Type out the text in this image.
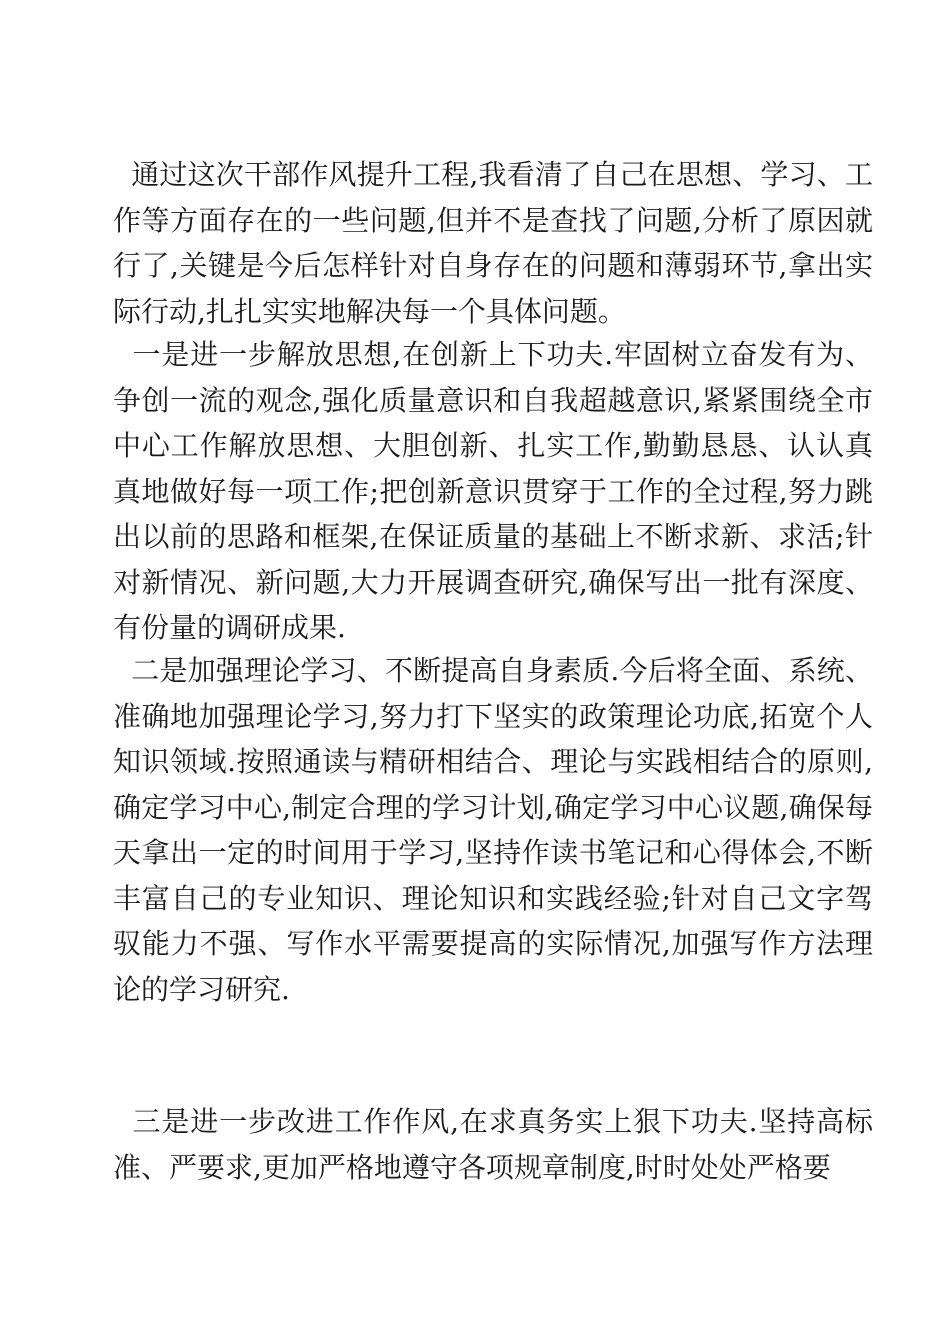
通过这次干部作风提升工程,我看清了自己在思想、学习、工作等方面存在的一些问题,但并不是查找了问题,分析了原因就行了,关键是今后怎样针对自身存在的问题和薄弱环节,拿出实际行动,扎扎实实地解决每一个具体问题。

一是进一步解放思想,在创新上下功夫.牢固树立奋发有为、争创一流的观念,强化质量意识和自我超越意识,紧紧围绕全市中心工作解放思想、大胆创新、扎实工作,勤勤恳恳、认认真真地做好每一项工作;把创新意识贯穿于工作的全过程,努力跳出以前的思路和框架,在保证质量的基础上不断求新、求活;针对新情况、新问题,大力开展调查研究,确保写出一批有深度、有份量的调研成果.

二是加强理论学习、不断提高自身素质.今后将全面、系统、准确地加强理论学习,努力打下坚实的政策理论功底,拓宽个人知识领域.按照通读与精研相结合、理论与实践相结合的原则,确定学习中心,制定合理的学习计划,确定学习中心议题,确保每天拿出一定的时间用于学习,坚持作读书笔记和心得体会,不断丰富自己的专业知识、理论知识和实践经验;针对自己文字驾驭能力不强、写作水平需要提高的实际情况,加强写作方法理论的学习研究.

三是进一步改进工作作风,在求真务实上狠下功夫.坚持高标准、严要求,更加严格地遵守各项规章制度,时时处处严格要
